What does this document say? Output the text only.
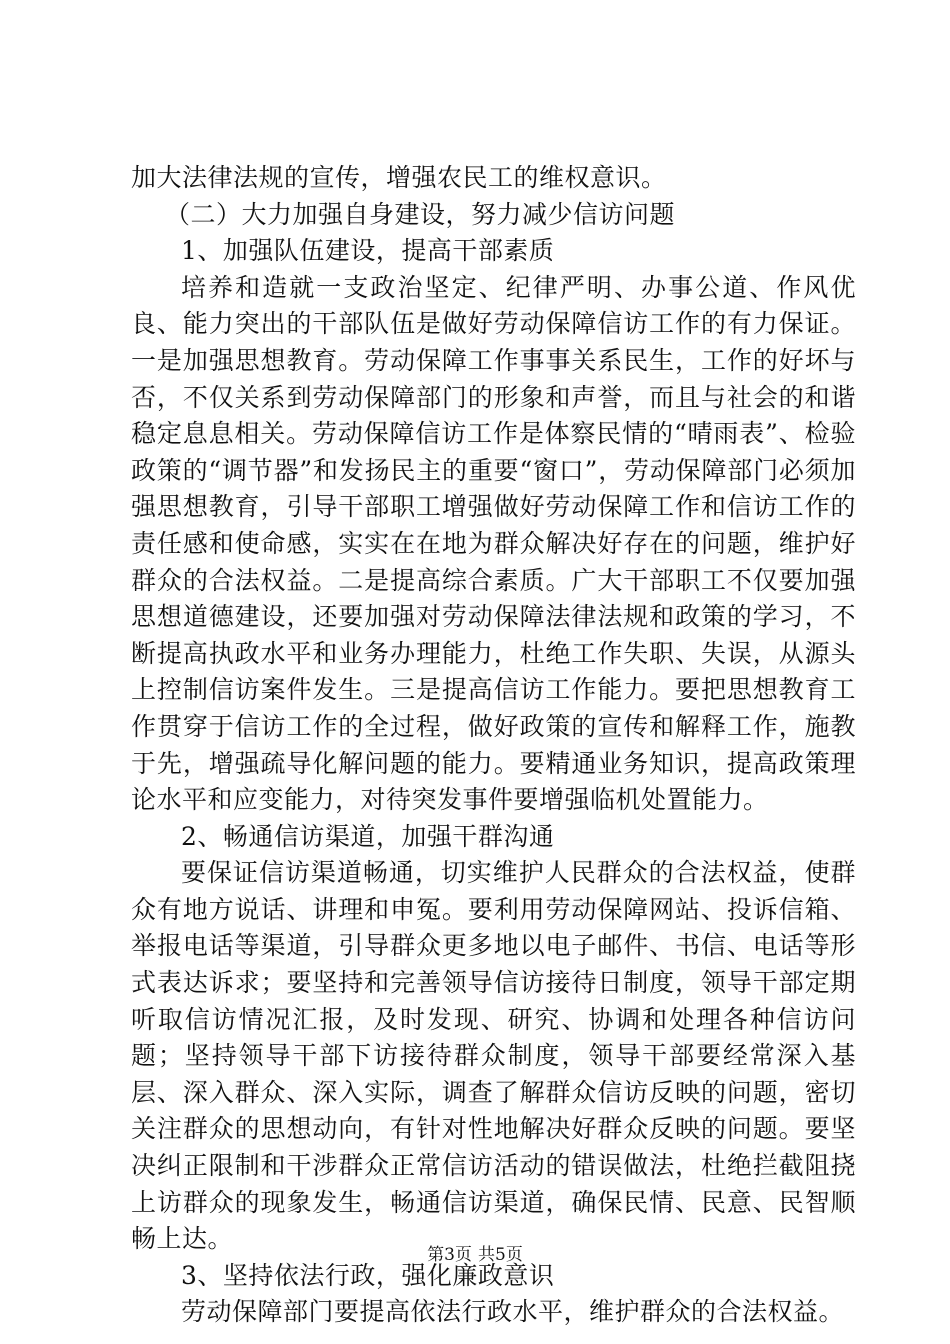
加大法律法规的宣传，增强农民工的维权意识。

（二）大力加强自身建设，努力减少信访问题

1、加强队伍建设，提高干部素质

培养和造就一支政治坚定、纪律严明、办事公道、作风优良、能力突出的干部队伍是做好劳动保障信访工作的有力保证。一是加强思想教育。劳动保障工作事事关系民生，工作的好坏与否，不仅关系到劳动保障部门的形象和声誉，而且与社会的和谐稳定息息相关。劳动保障信访工作是体察民情的“晴雨表”、检验政策的“调节器”和发扬民主的重要“窗口”，劳动保障部门必须加强思想教育，引导干部职工增强做好劳动保障工作和信访工作的责任感和使命感，实实在在地为群众解决好存在的问题，维护好群众的合法权益。二是提高综合素质。广大干部职工不仅要加强思想道德建设，还要加强对劳动保障法律法规和政策的学习，不断提高执政水平和业务办理能力，杜绝工作失职、失误，从源头上控制信访案件发生。三是提高信访工作能力。要把思想教育工作贯穿于信访工作的全过程，做好政策的宣传和解释工作，施教于先，增强疏导化解问题的能力。要精通业务知识，提高政策理论水平和应变能力，对待突发事件要增强临机处置能力。

2、畅通信访渠道，加强干群沟通

要保证信访渠道畅通，切实维护人民群众的合法权益，使群众有地方说话、讲理和申冤。要利用劳动保障网站、投诉信箱、举报电话等渠道，引导群众更多地以电子邮件、书信、电话等形式表达诉求；要坚持和完善领导信访接待日制度，领导干部定期听取信访情况汇报，及时发现、研究、协调和处理各种信访问题；坚持领导干部下访接待群众制度，领导干部要经常深入基层、深入群众、深入实际，调查了解群众信访反映的问题，密切关注群众的思想动向，有针对性地解决好群众反映的问题。要坚决纠正限制和干涉群众正常信访活动的错误做法，杜绝拦截阻挠上访群众的现象发生，畅通信访渠道，确保民情、民意、民智顺畅上达。

3、坚持依法行政，强化廉政意识

劳动保障部门要提高依法行政水平，维护群众的合法权益。

第3页 共5页
